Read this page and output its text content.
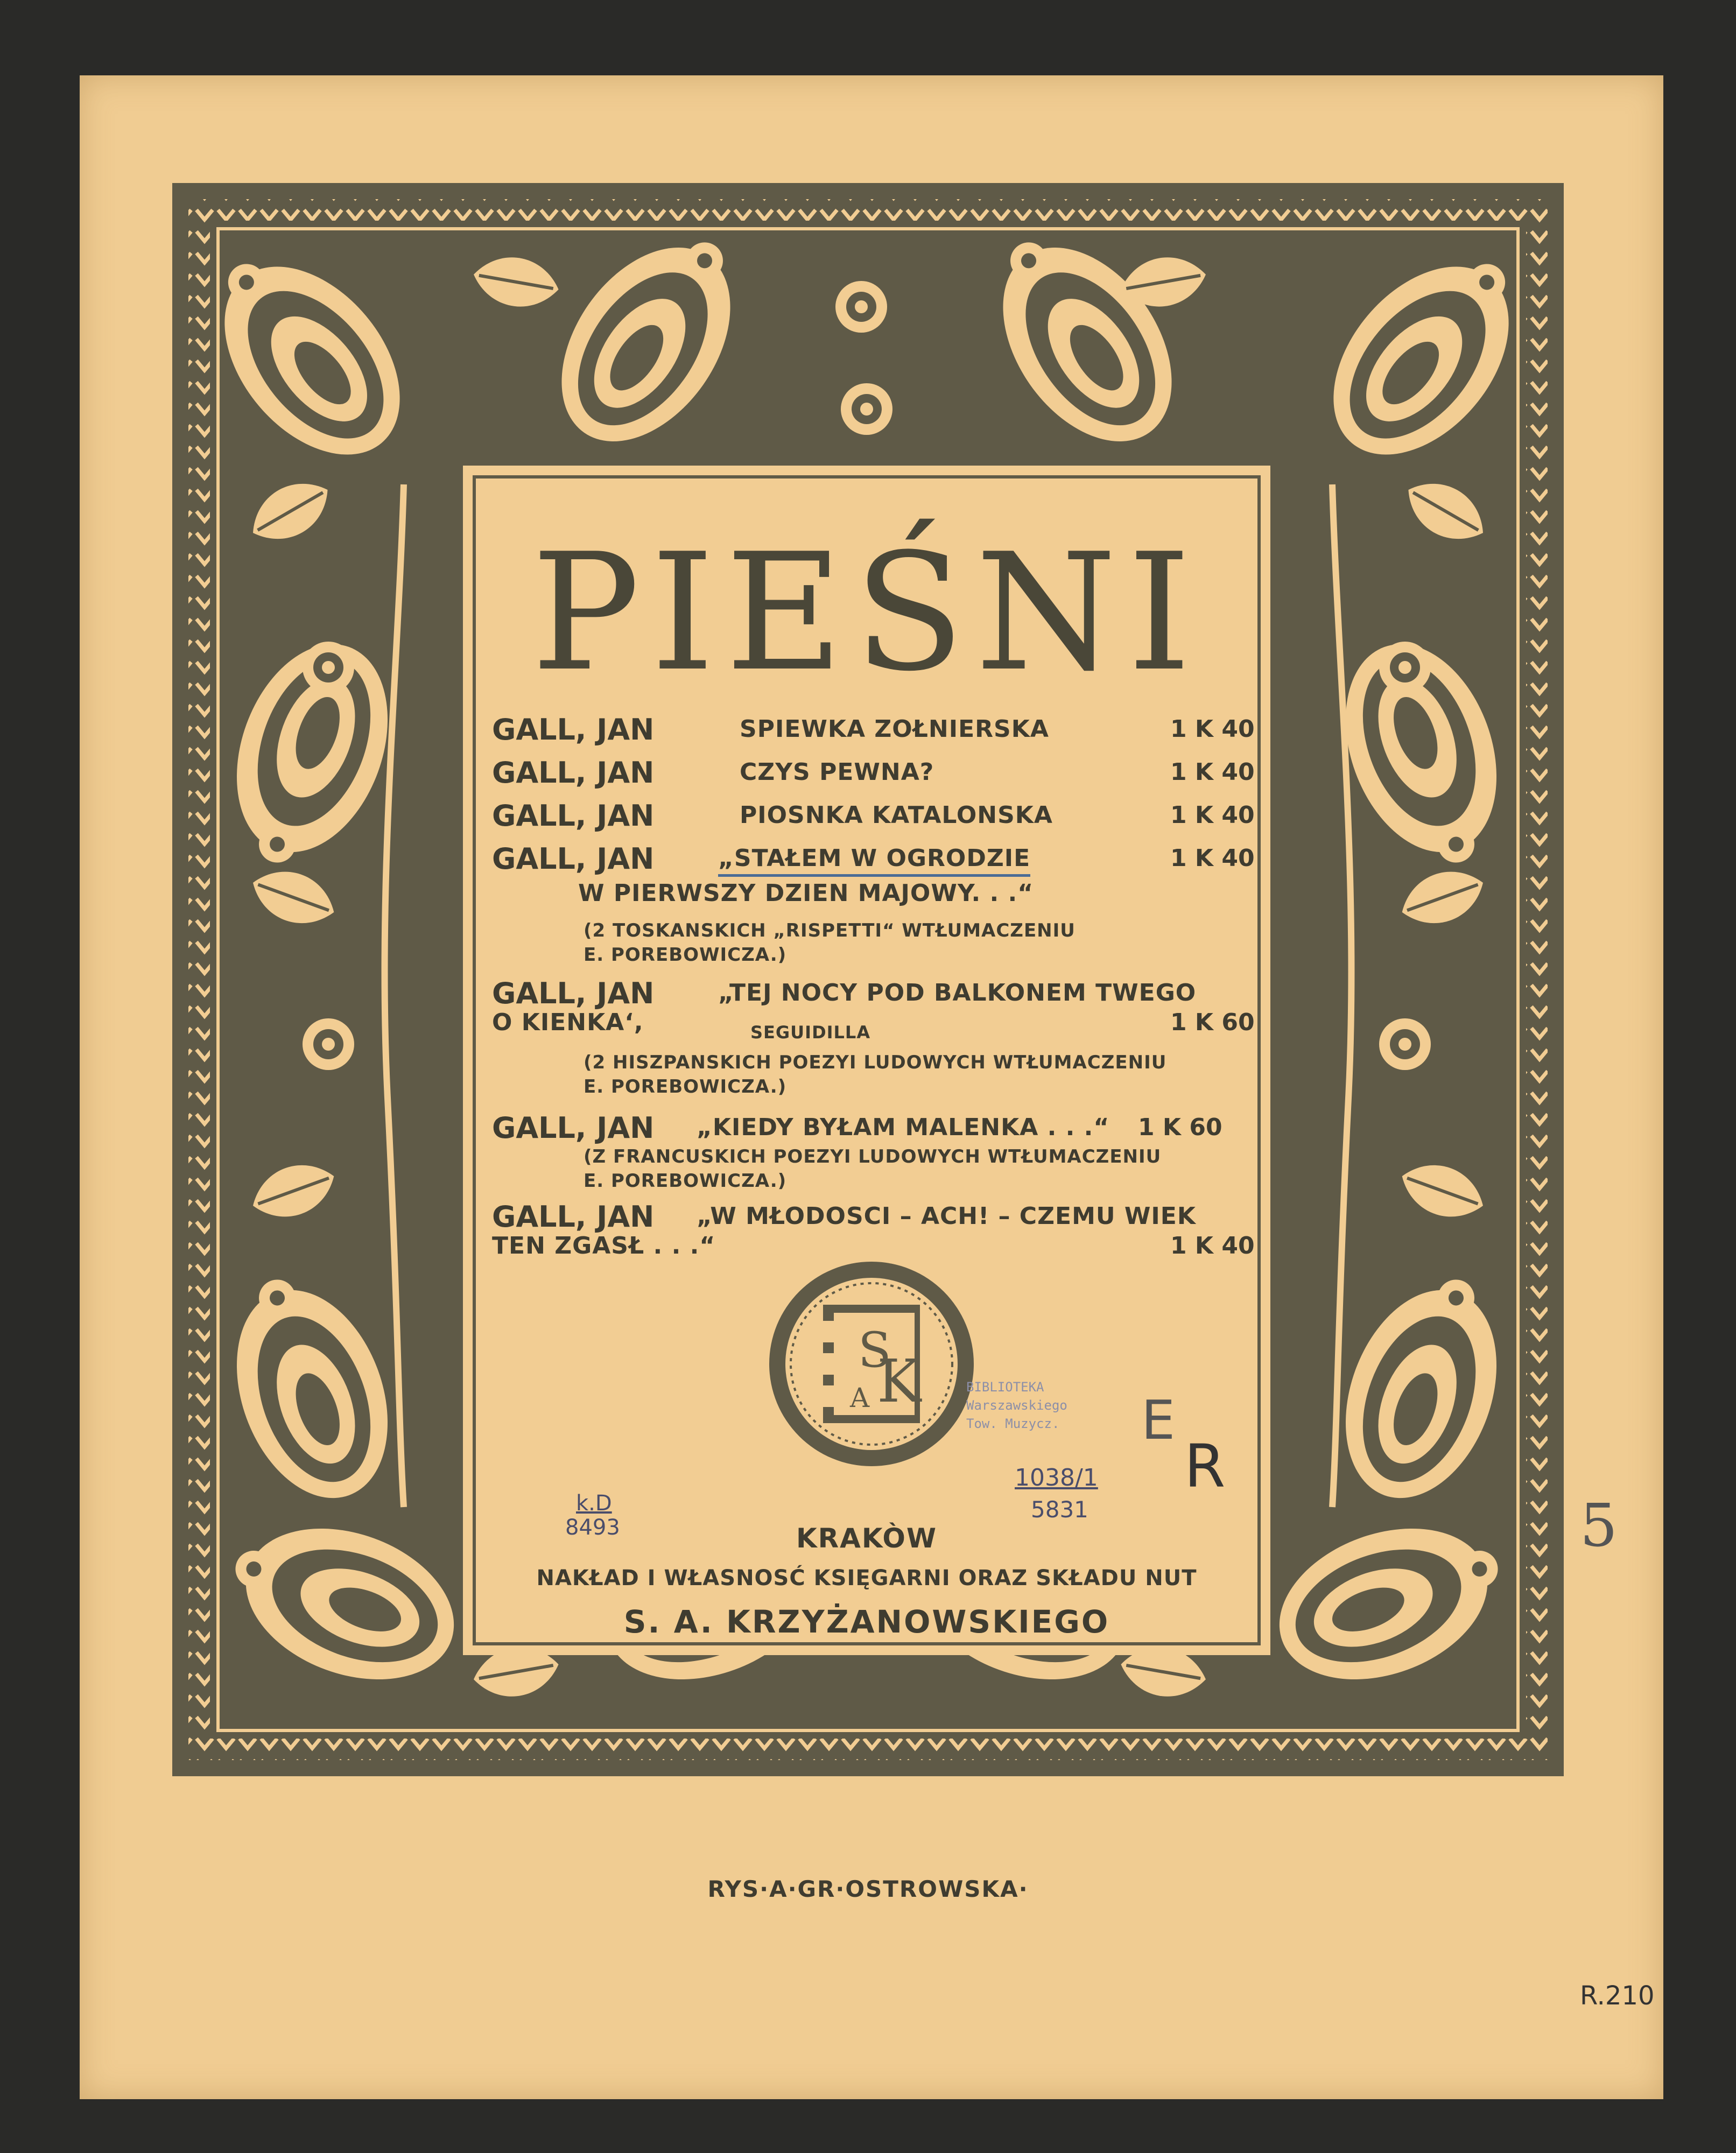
PIEŚNI
GALL, JAN	SPIEWKA ZOŁNIERSKA	1 K 40
GALL, JAN	CZYS PEWNA?	1 K 40
GALL, JAN	PIOSNKA KATALONSKA	1 K 40
GALL, JAN	„STAŁEM W OGRODZIE	1 K 40
W PIERWSZY DZIEN MAJOWY. . .“
(2 TOSKANSKICH „RISPETTI“ WTŁUMACZENIU
E. POREBOWICZA.)
GALL, JAN	„TEJ NOCY POD BALKONEM TWEGO
O KIENKA‘,	SEGUIDILLA	1 K 60
(2 HISZPANSKICH POEZYI LUDOWYCH WTŁUMACZENIU
E. POREBOWICZA.)
GALL, JAN „KIEDY BYŁAM MALENKA . . .“ 1 K 60
(Z FRANCUSKICH POEZYI LUDOWYCH WTŁUMACZENIU
E. POREBOWICZA.)
GALL, JAN „W MŁODOSCI – ACH! – CZEMU WIEK
TEN ZGASŁ . . .“	1 K 40
S
K
A
KRAKÒW
NAKŁAD I WŁASNOSĆ KSIĘGARNI ORAZ SKŁADU NUT
S. A. KRZYŻANOWSKIEGO
RYS·A·GR·OSTROWSKA·
BIBLIOTEKA
Warszawskiego
Tow. Muzycz.
k.D
8493
1038/1
5831	5
E
R
R.210
